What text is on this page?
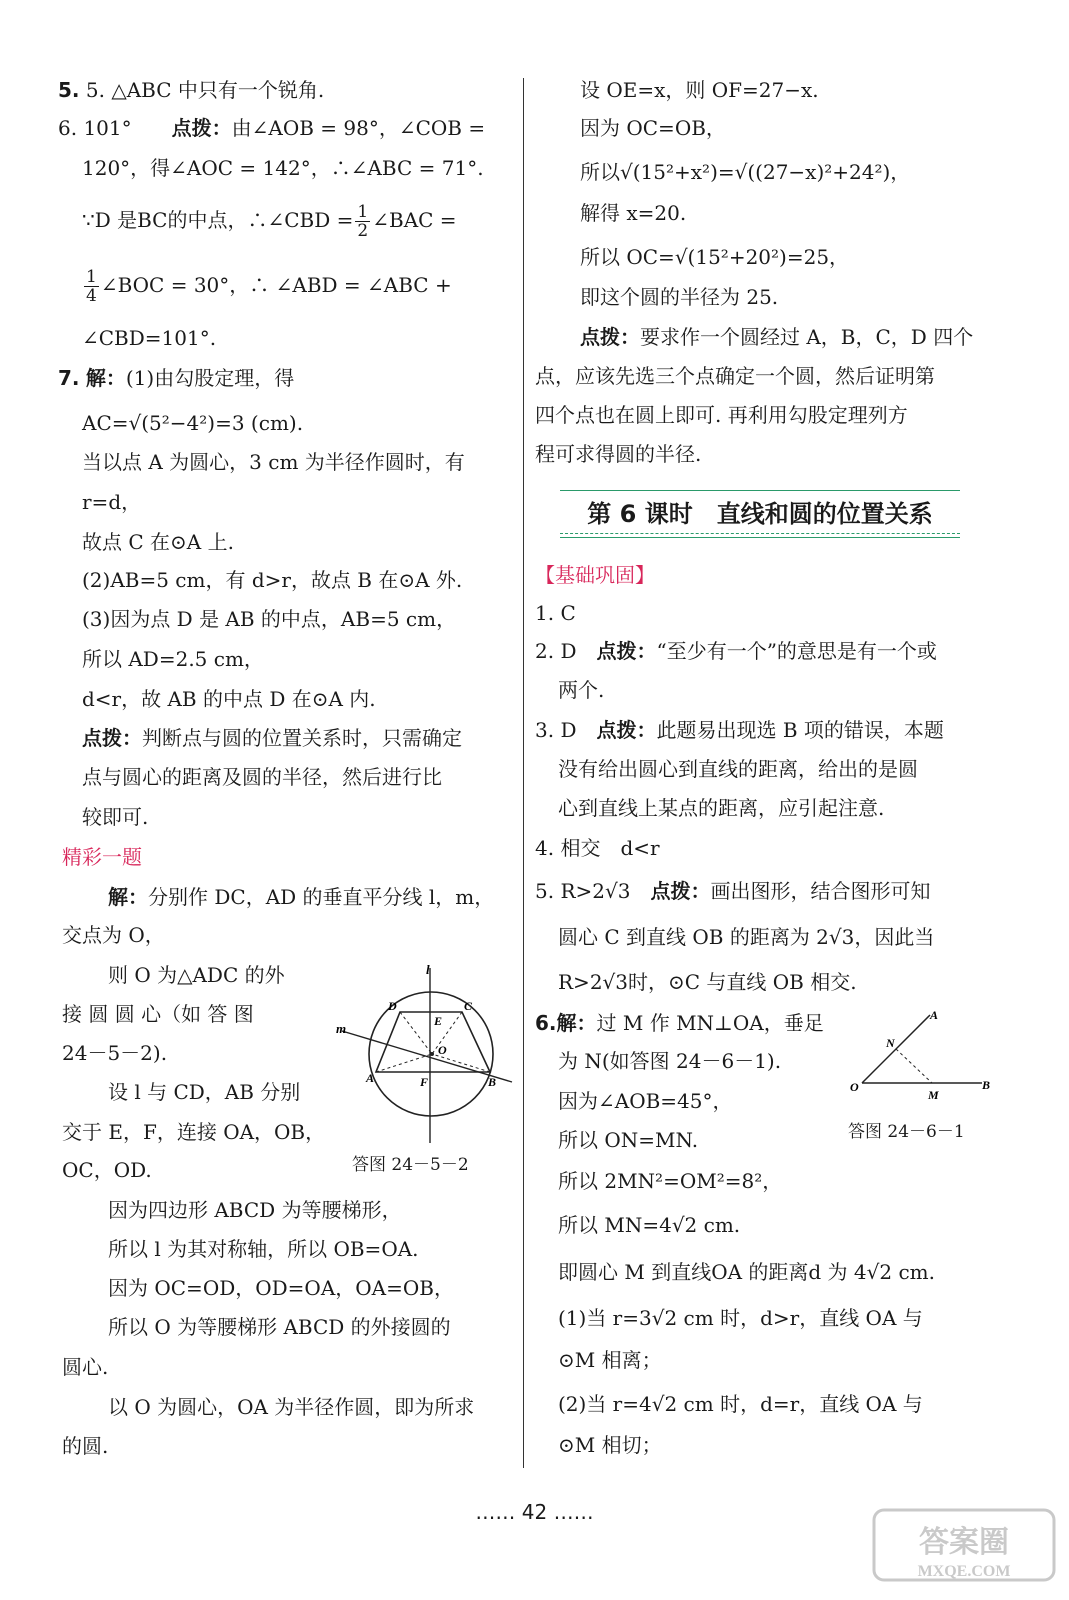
5. 5. △ABC 中只有一个锐角.
6. 101°　　 点拨：由∠AOB = 98°，∠COB =
120°，得∠AOC = 142°，∴∠ABC = 71°.
∵D 是BC的中点，∴∠CBD = $\frac{1}{2}$ ∠BAC =
$\frac{1}{4}$ ∠BOC = 30°，∴ ∠ABD = ∠ABC +
∠CBD=101°.
7. 解：(1)由勾股定理，得
AC=√(5²−4²)=3 (cm).
当以点 A 为圆心，3 cm 为半径作圆时，有
r=d，
故点 C 在⊙A 上.
(2)AB=5 cm，有 d>r，故点 B 在⊙A 外.
(3)因为点 D 是 AB 的中点，AB=5 cm，
所以 AD=2.5 cm，
d<r，故 AB 的中点 D 在⊙A 内.
点拨：判断点与圆的位置关系时，只需确定
点与圆心的距离及圆的半径，然后进行比
较即可.
精彩一题
解：分别作 DC，AD 的垂直平分线 l，m，
交点为 O，
则 O 为△ADC 的外
接 圆 圆 心（如 答 图
24－5－2).
设 l 与 CD，AB 分别
交于 E，F，连接 OA，OB，
OC，OD.
l
m
D	C
E
O
A	F	B
答图 24－5－2
因为四边形 ABCD 为等腰梯形，
所以 l 为其对称轴，所以 OB=OA.
因为 OC=OD，OD=OA，OA=OB，
所以 O 为等腰梯形 ABCD 的外接圆的
圆心.
以 O 为圆心，OA 为半径作圆，即为所求
的圆.
设 OE=x，则 OF=27−x.
因为 OC=OB，
所以√(15²+x²)=√((27−x)²+24²)，
解得 x=20.
所以 OC=√(15²+20²)=25，
即这个圆的半径为 25.
点拨：要求作一个圆经过 A，B，C，D 四个
点，应该先选三个点确定一个圆，然后证明第
四个点也在圆上即可. 再利用勾股定理列方
程可求得圆的半径.
第 6 课时　直线和圆的位置关系
【基础巩固】
1. C
2. D　 点拨：“至少有一个”的意思是有一个或
两个.
3. D　 点拨：此题易出现选 B 项的错误，本题
没有给出圆心到直线的距离，给出的是圆
心到直线上某点的距离，应引起注意.
4. 相交　d<r
5. R>2√3　 点拨：画出图形，结合图形可知
圆心 C 到直线 OB 的距离为 2√3，因此当
R>2√3时，⊙C 与直线 OB 相交.
6.解：过 M 作 MN⊥OA，垂足
为 N(如答图 24－6－1).
因为∠AOB=45°，
所以 ON=MN.
所以 2MN²=OM²=8²，
所以 MN=4√2 cm.
A
N
O
M
B
答图 24－6－1
即圆心 M 到直线OA 的距离d 为 4√2 cm.
(1)当 r=3√2 cm 时，d>r，直线 OA 与
⊙M 相离；
(2)当 r=4√2 cm 时，d=r，直线 OA 与
⊙M 相切；
…… 42 ……
答案圈
MXQE.COM
